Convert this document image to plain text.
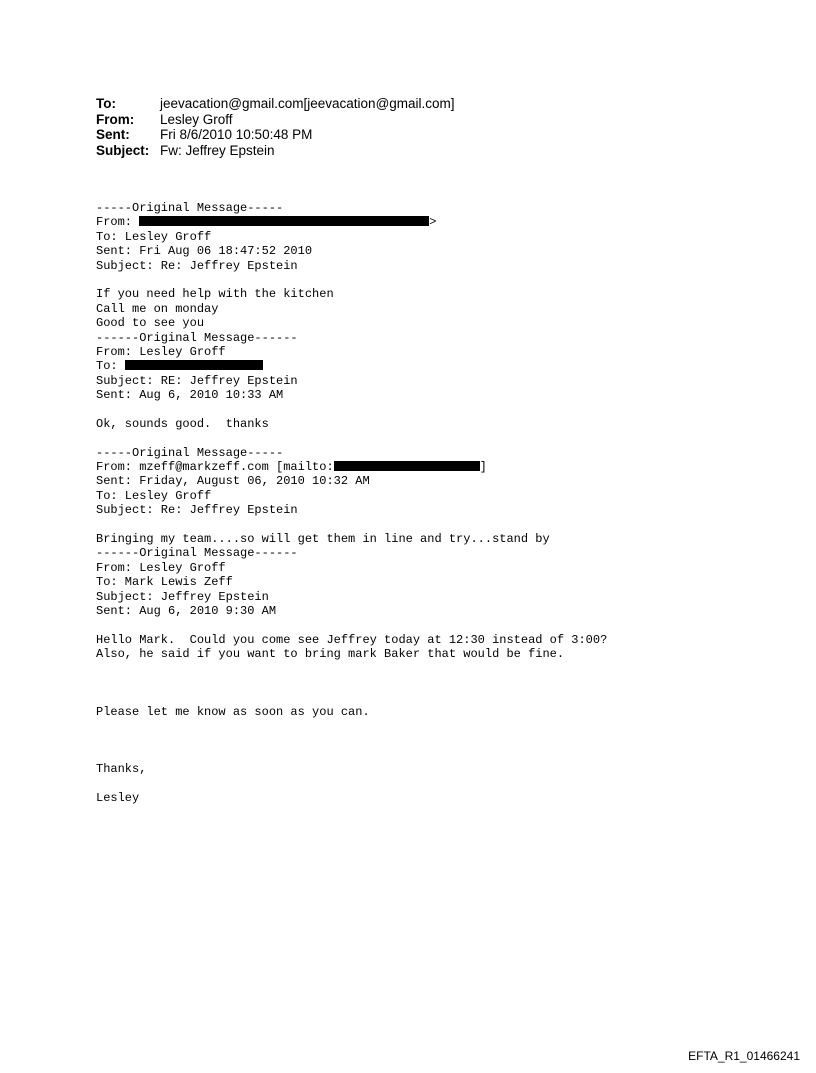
To:	jeevacation@gmail.com[jeevacation@gmail.com]
From:	Lesley Groff
Sent:	Fri 8/6/2010 10:50:48 PM
Subject: Fw: Jeffrey Epstein
-----Original Message-----
From:	>
To: Lesley Groff
Sent: Fri Aug 06 18:47:52 2010
Subject: Re: Jeffrey Epstein
If you need help with the kitchen
Call me on monday
Good to see you
------Original Message------
From: Lesley Groff
To:
Subject: RE: Jeffrey Epstein
Sent: Aug 6, 2010 10:33 AM
Ok, sounds good.  thanks
-----Original Message-----
From: mzeff@markzeff.com [mailto:	]
Sent: Friday, August 06, 2010 10:32 AM
To: Lesley Groff
Subject: Re: Jeffrey Epstein
Bringing my team....so will get them in line and try...stand by
------Original Message------
From: Lesley Groff
To: Mark Lewis Zeff
Subject: Jeffrey Epstein
Sent: Aug 6, 2010 9:30 AM
Hello Mark.  Could you come see Jeffrey today at 12:30 instead of 3:00?
Also, he said if you want to bring mark Baker that would be fine.
Please let me know as soon as you can.
Thanks,
Lesley
EFTA_R1_01466241
